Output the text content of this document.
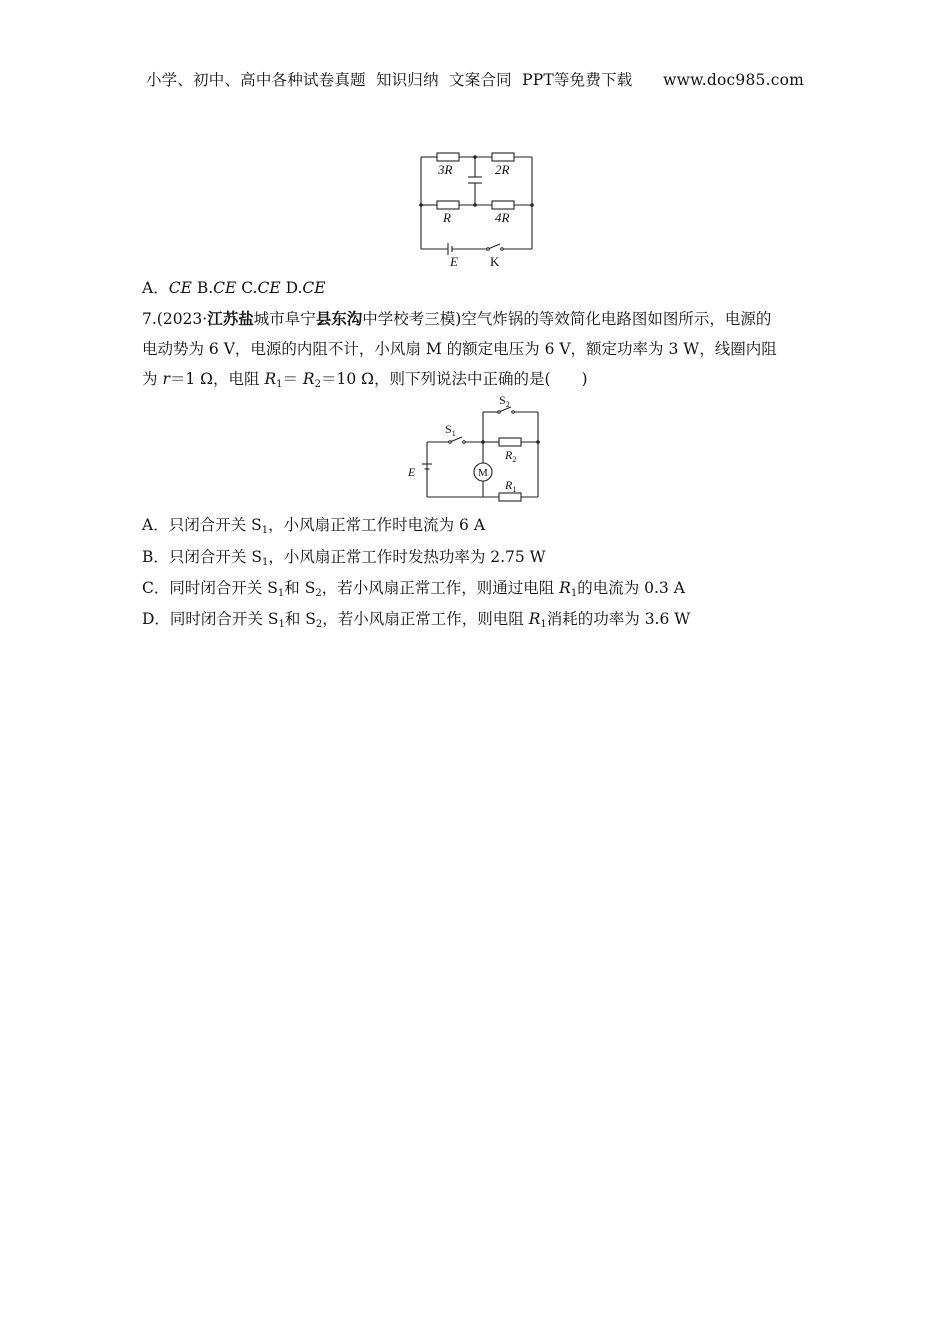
小学、初中、高中各种试卷真题  知识归纳  文案合同  PPT等免费下载      www.doc985.com
3R	2R
R	4R
E K
A．CE B.CE C.CE D.CE
7.(2023·江苏盐城市阜宁县东沟中学校考三模)空气炸锅的等效简化电路图如图所示，电源的
电动势为 6 V，电源的内阻不计，小风扇 M 的额定电压为 6 V，额定功率为 3 W，线圈内阻
为 r＝1 Ω，电阻 $R_1= R_2=10$ Ω，则下列说法中正确的是(　　)
$S_2$
$S_1$
$R_2$
$R_1$
E	M
A．只闭合开关 $S_1$，小风扇正常工作时电流为 6 A
B．只闭合开关 $S_1$，小风扇正常工作时发热功率为 2.75 W
C．同时闭合开关 $S_1$和 $S_2$，若小风扇正常工作，则通过电阻 $R_1$的电流为 0.3 A
D．同时闭合开关 $S_1$和 $S_2$，若小风扇正常工作，则电阻 $R_1$消耗的功率为 3.6 W
